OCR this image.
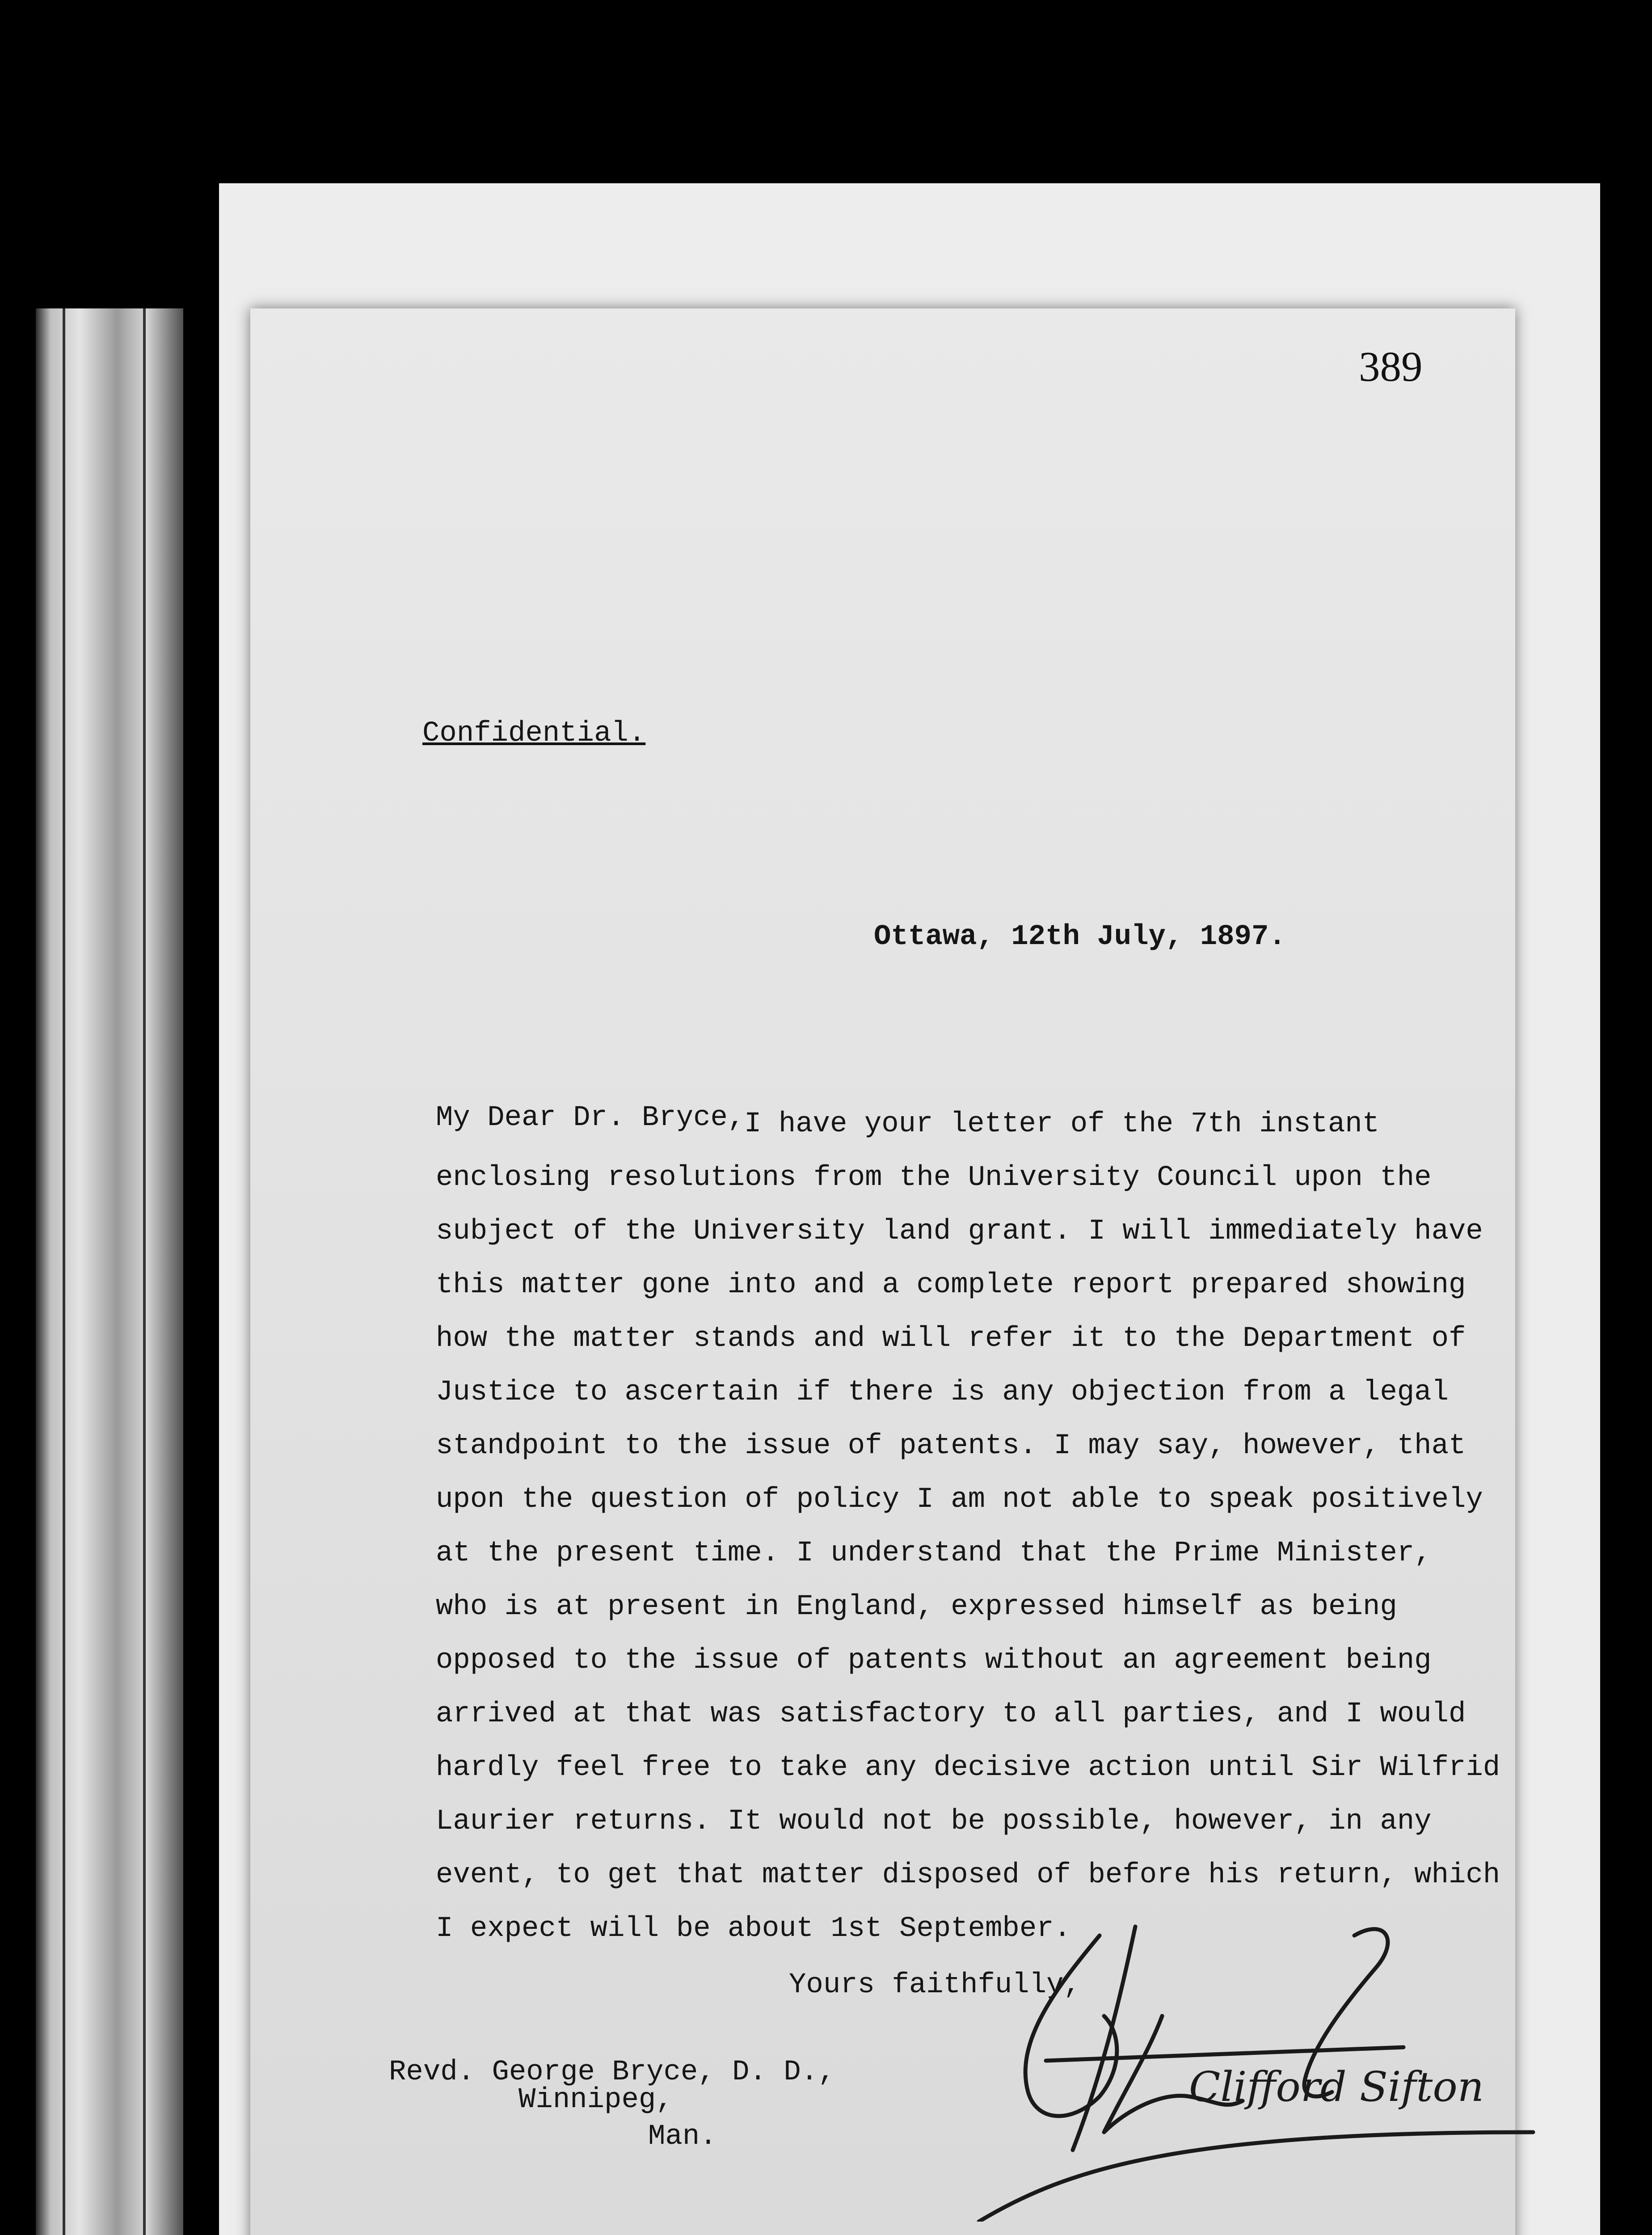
389
Confidential.
Ottawa, 12th July, 1897.
My Dear Dr. Bryce,
I have your letter of the 7th instant
enclosing resolutions from the University Council upon the
subject of the University land grant. I will immediately have
this matter gone into and a complete report prepared showing
how the matter stands and will refer it to the Department of
Justice to ascertain if there is any objection from a legal
standpoint to the issue of patents. I may say, however, that
upon the question of policy I am not able to speak positively
at the present time. I understand that the Prime Minister,
who is at present in England, expressed himself as being
opposed to the issue of patents without an agreement being
arrived at that was satisfactory to all parties, and I would
hardly feel free to take any decisive action until Sir Wilfrid
Laurier returns. It would not be possible, however, in any
event, to get that matter disposed of before his return, which
I expect will be about 1st September.
Yours faithfully,
Revd. George Bryce, D. D.,
Winnipeg,
Man.
Clifford Sifton
